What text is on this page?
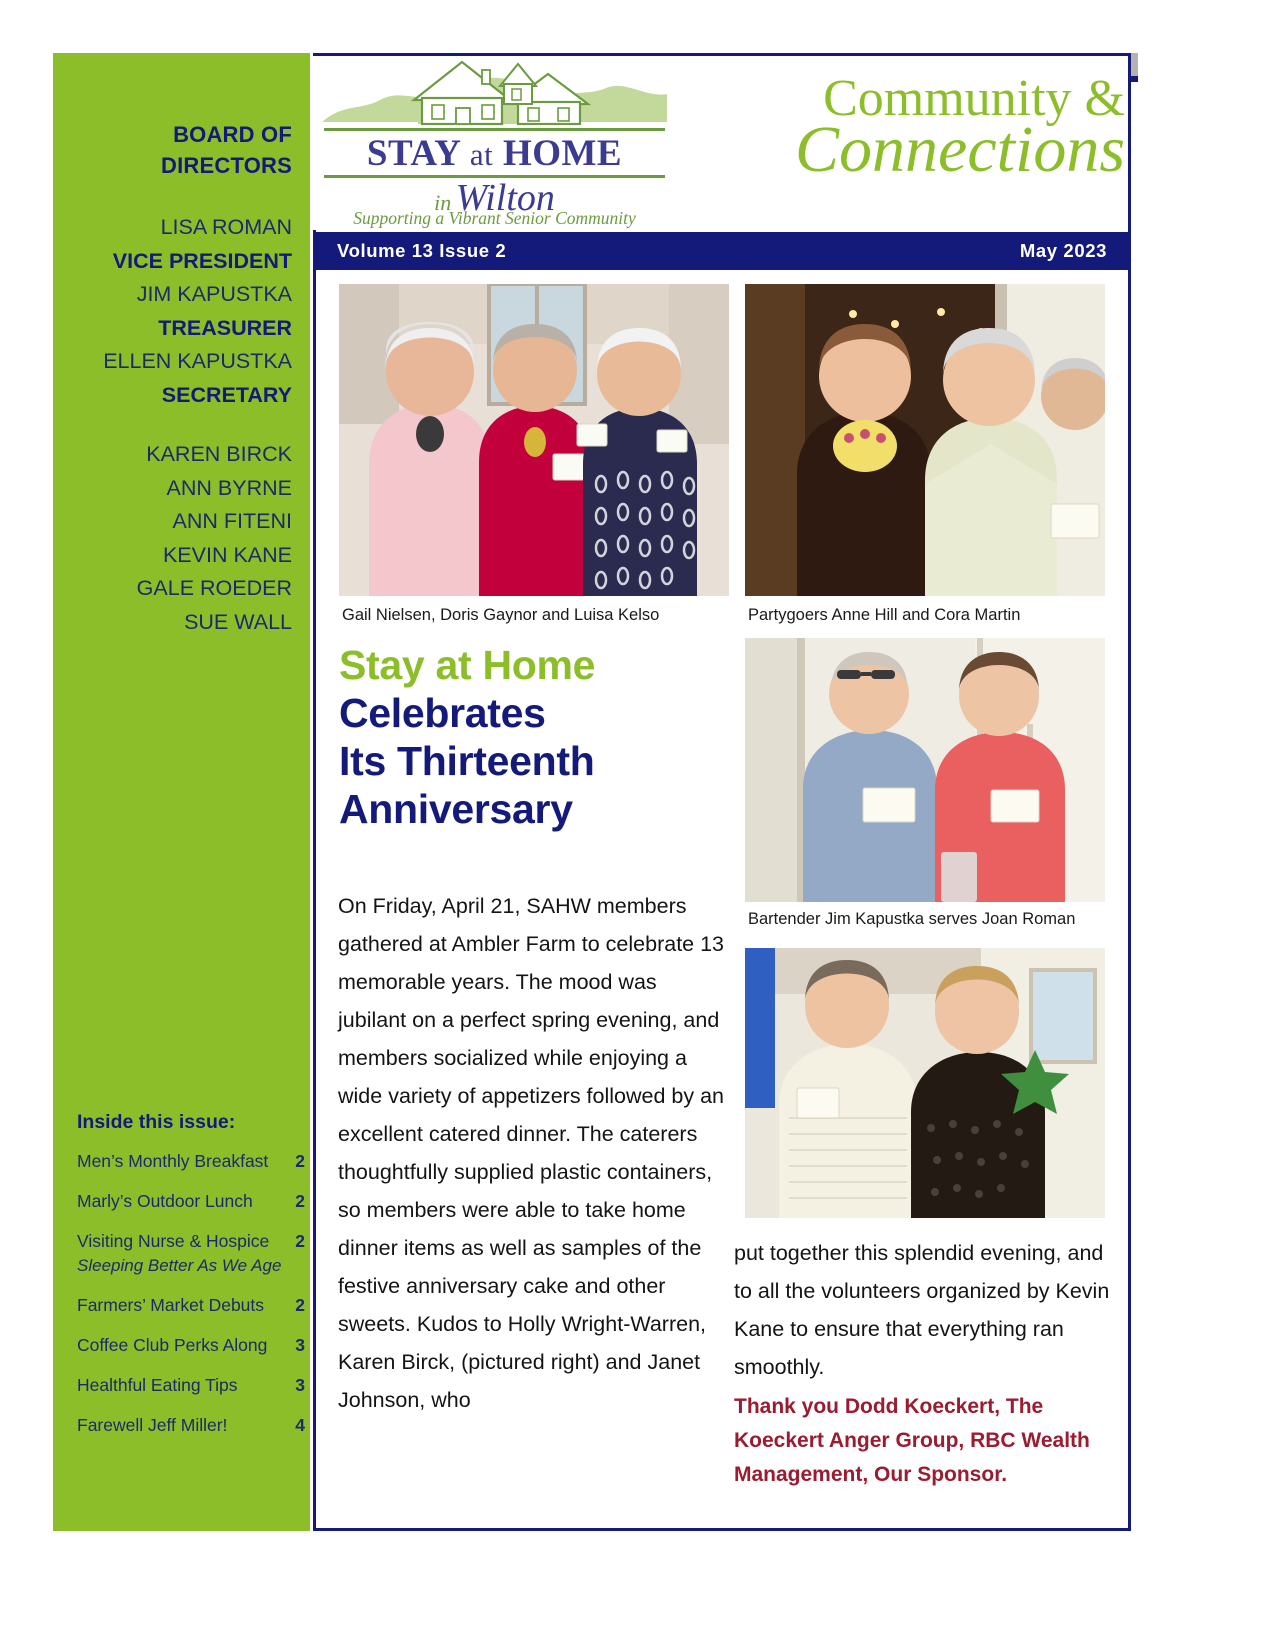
BOARD OF
DIRECTORS
LISA ROMAN
VICE PRESIDENT
JIM KAPUSTKA
TREASURER
ELLEN KAPUSTKA
SECRETARY
KAREN BIRCK
ANN BYRNE
ANN FITENI
KEVIN KANE
GALE ROEDER
SUE WALL
Inside this issue:
Men’s Monthly Breakfast	2
Marly’s Outdoor Lunch	2
Visiting Nurse & Hospice	2
Sleeping Better As We Age
Farmers’ Market Debuts	2
Coffee Club Perks Along	3
Healthful Eating Tips	3
Farewell Jeff Miller!	4
STAY at HOME
in Wilton
Supporting a Vibrant Senior Community
Community &
Connections
Volume 13 Issue 2	May 2023
Gail Nielsen, Doris Gaynor and Luisa Kelso	Partygoers Anne Hill and Cora Martin
Bartender Jim Kapustka serves Joan Roman
Stay at Home
Celebrates
Its Thirteenth
Anniversary
On Friday, April 21, SAHW members gathered at Ambler Farm to celebrate 13 memorable years. The mood was jubilant on a perfect spring evening, and members socialized while enjoying a wide variety of appetizers followed by an excellent catered dinner. The caterers thoughtfully supplied plastic containers, so members were able to take home dinner items as well as samples of the festive anniversary cake and other sweets. Kudos to Holly Wright-Warren, Karen Birck, (pictured right) and Janet Johnson, who
put together this splendid evening, and to all the volunteers organized by Kevin Kane to ensure that everything ran smoothly.
Thank you Dodd Koeckert, The Koeckert Anger Group, RBC Wealth Management, Our Sponsor.
